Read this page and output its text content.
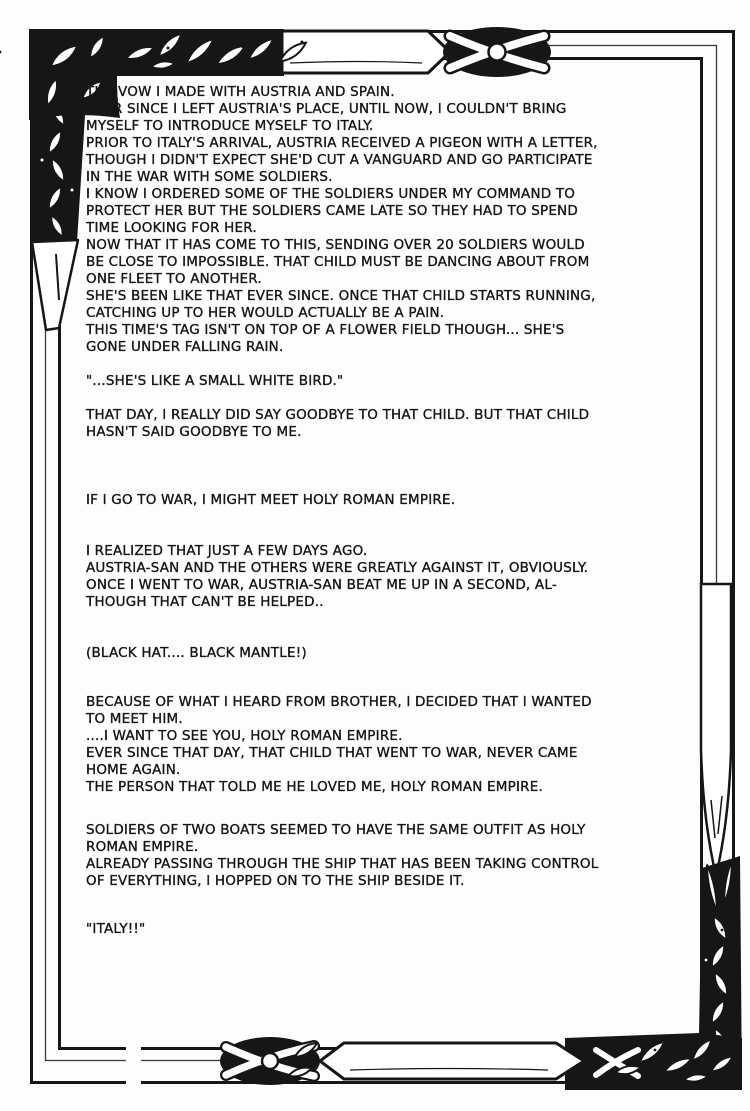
THE VOW I MADE WITH AUSTRIA AND SPAIN.

EVER SINCE I LEFT AUSTRIA'S PLACE, UNTIL NOW, I COULDN'T BRING

MYSELF TO INTRODUCE MYSELF TO ITALY.

PRIOR TO ITALY'S ARRIVAL, AUSTRIA RECEIVED A PIGEON WITH A LETTER,

THOUGH I DIDN'T EXPECT SHE'D CUT A VANGUARD AND GO PARTICIPATE

IN THE WAR WITH SOME SOLDIERS.

I KNOW I ORDERED SOME OF THE SOLDIERS UNDER MY COMMAND TO

PROTECT HER BUT THE SOLDIERS CAME LATE SO THEY HAD TO SPEND

TIME LOOKING FOR HER.

NOW THAT IT HAS COME TO THIS, SENDING OVER 20 SOLDIERS WOULD

BE CLOSE TO IMPOSSIBLE. THAT CHILD MUST BE DANCING ABOUT FROM

ONE FLEET TO ANOTHER.

SHE'S BEEN LIKE THAT EVER SINCE. ONCE THAT CHILD STARTS RUNNING,

CATCHING UP TO HER WOULD ACTUALLY BE A PAIN.

THIS TIME'S TAG ISN'T ON TOP OF A FLOWER FIELD THOUGH... SHE'S

GONE UNDER FALLING RAIN.

"...SHE'S LIKE A SMALL WHITE BIRD."

THAT DAY, I REALLY DID SAY GOODBYE TO THAT CHILD. BUT THAT CHILD

HASN'T SAID GOODBYE TO ME.

IF I GO TO WAR, I MIGHT MEET HOLY ROMAN EMPIRE.

I REALIZED THAT JUST A FEW DAYS AGO.

AUSTRIA-SAN AND THE OTHERS WERE GREATLY AGAINST IT, OBVIOUSLY.

ONCE I WENT TO WAR, AUSTRIA-SAN BEAT ME UP IN A SECOND, AL-

THOUGH THAT CAN'T BE HELPED..

(BLACK HAT.... BLACK MANTLE!)

BECAUSE OF WHAT I HEARD FROM BROTHER, I DECIDED THAT I WANTED

TO MEET HIM.

....I WANT TO SEE YOU, HOLY ROMAN EMPIRE.

EVER SINCE THAT DAY, THAT CHILD THAT WENT TO WAR, NEVER CAME

HOME AGAIN.

THE PERSON THAT TOLD ME HE LOVED ME, HOLY ROMAN EMPIRE.

SOLDIERS OF TWO BOATS SEEMED TO HAVE THE SAME OUTFIT AS HOLY

ROMAN EMPIRE.

ALREADY PASSING THROUGH THE SHIP THAT HAS BEEN TAKING CONTROL

OF EVERYTHING, I HOPPED ON TO THE SHIP BESIDE IT.

"ITALY!!"
